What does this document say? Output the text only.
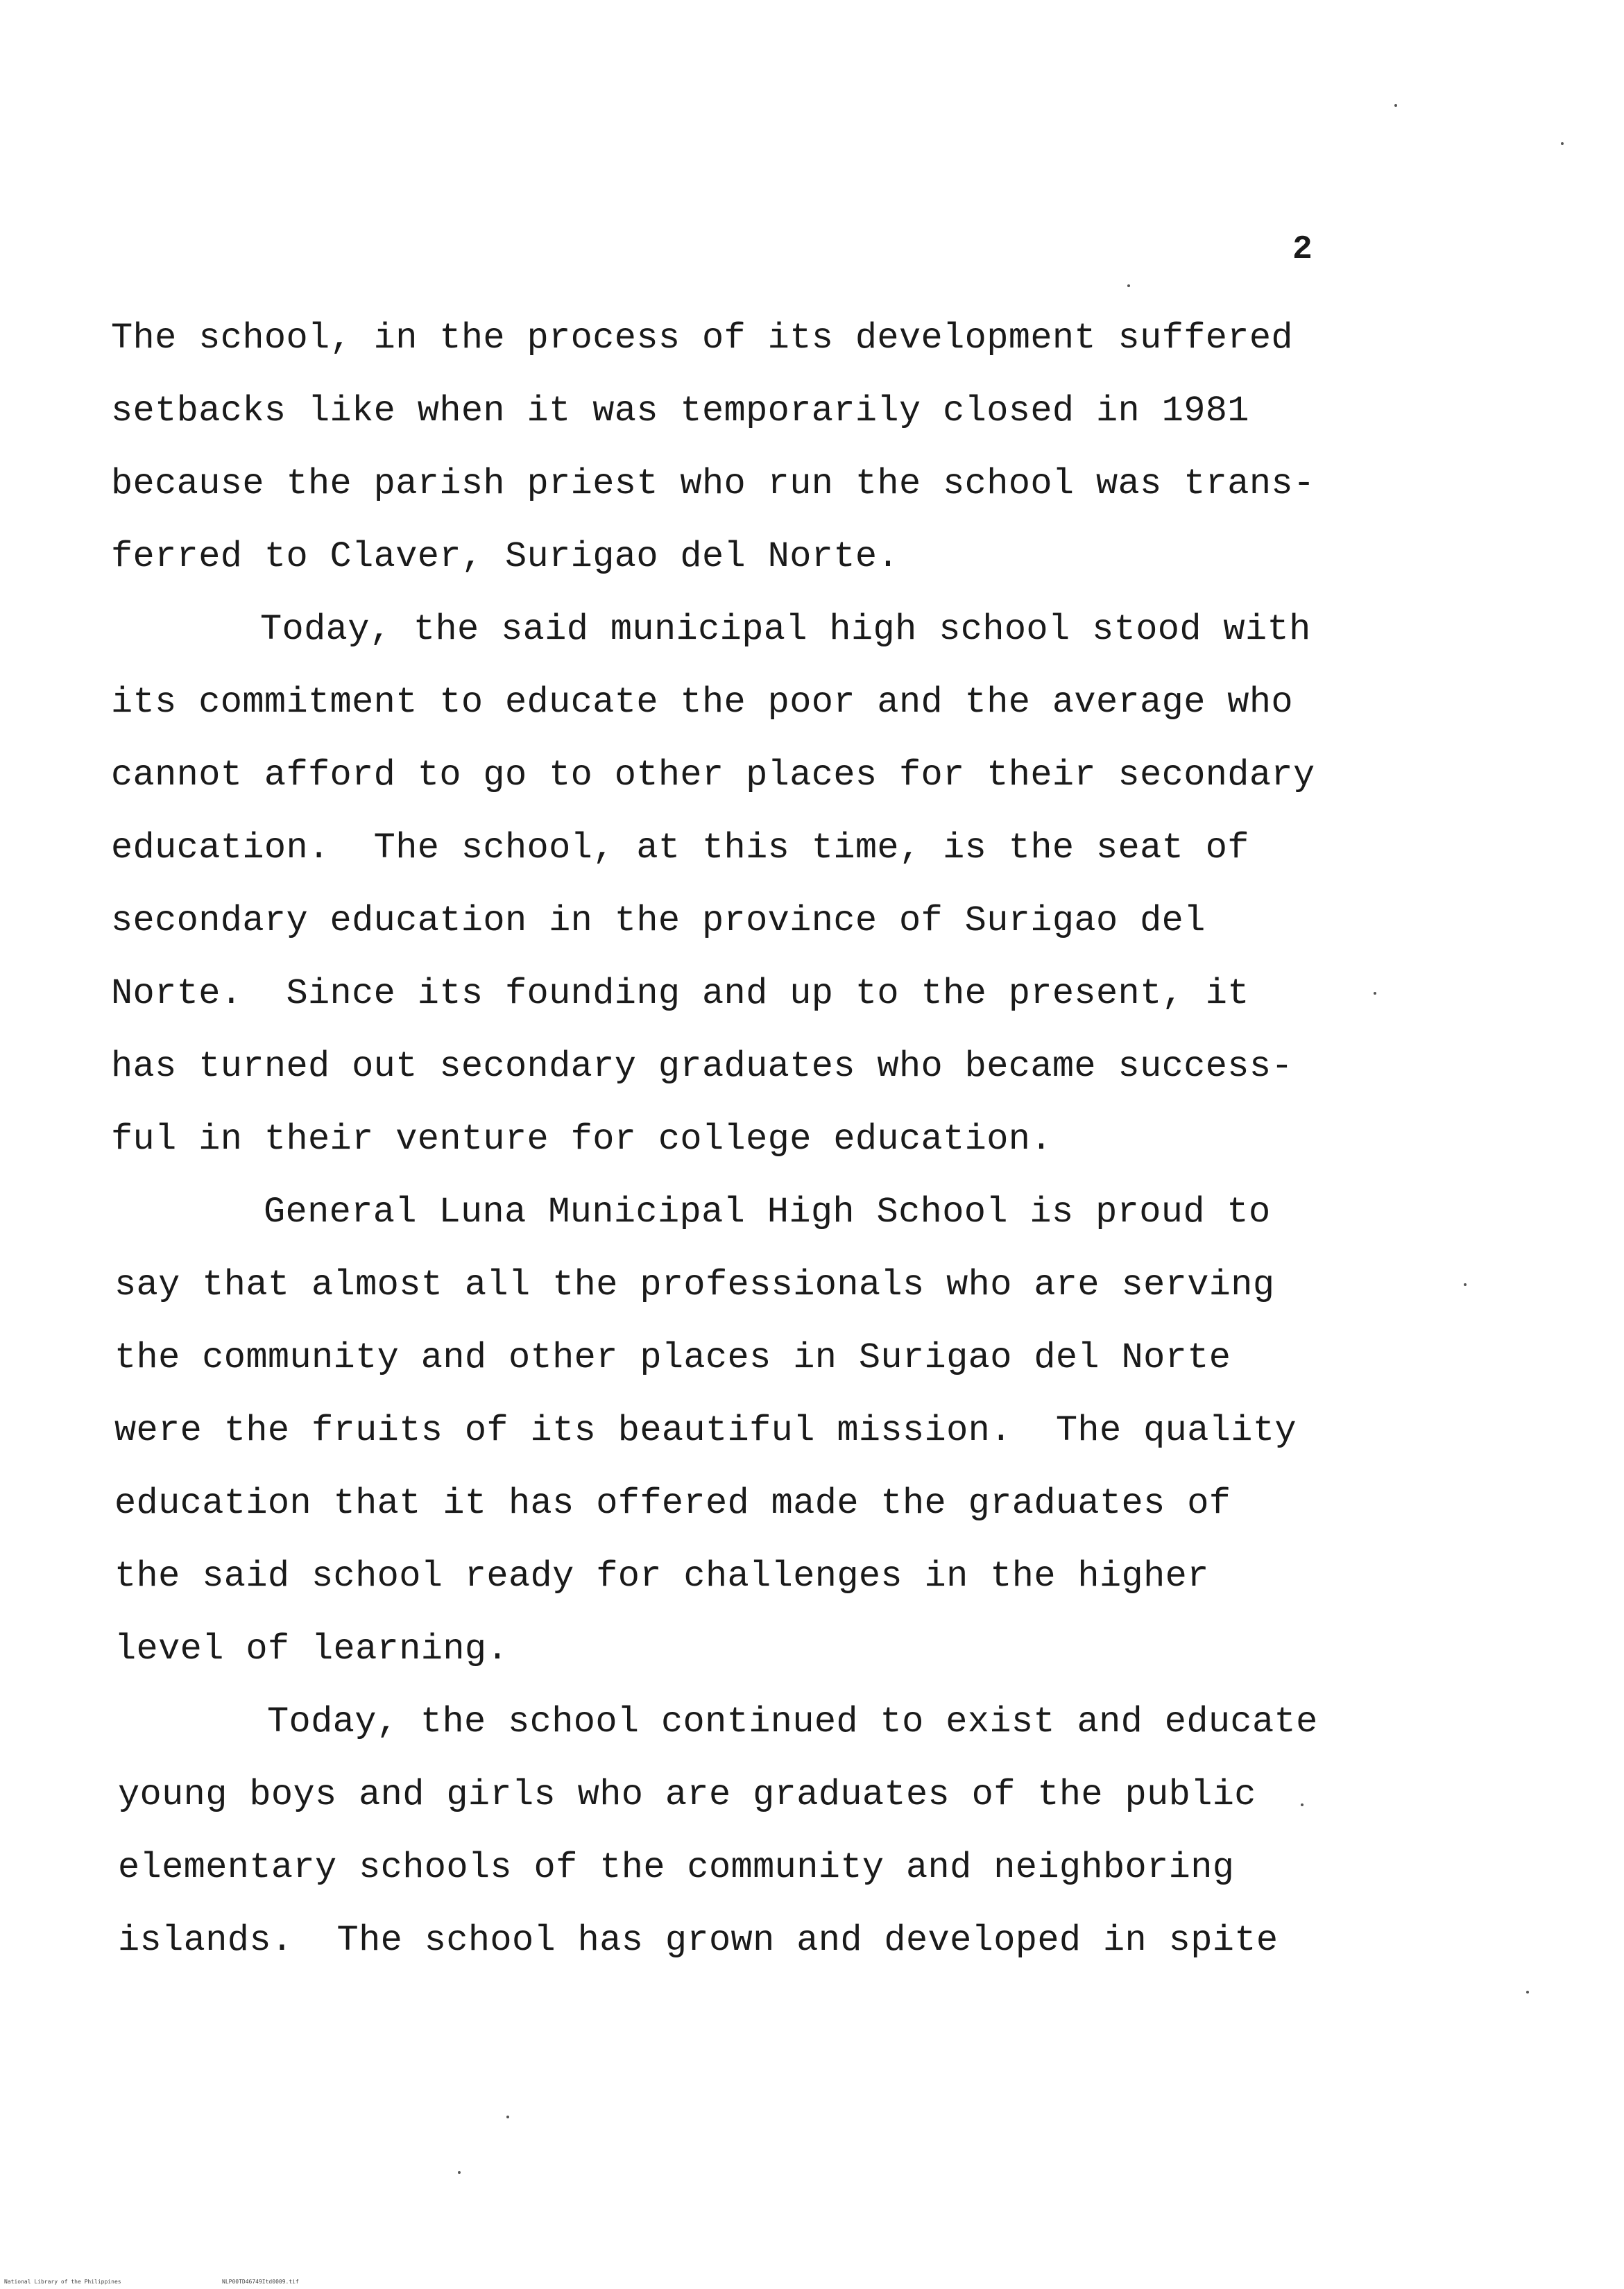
2
The school, in the process of its development suffered
setbacks like when it was temporarily closed in 1981
because the parish priest who run the school was trans-
ferred to Claver, Surigao del Norte.
Today, the said municipal high school stood with
its commitment to educate the poor and the average who
cannot afford to go to other places for their secondary
education.  The school, at this time, is the seat of
secondary education in the province of Surigao del
Norte.  Since its founding and up to the present, it
has turned out secondary graduates who became success-
ful in their venture for college education.
General Luna Municipal High School is proud to
say that almost all the professionals who are serving
the community and other places in Surigao del Norte
were the fruits of its beautiful mission.  The quality
education that it has offered made the graduates of
the said school ready for challenges in the higher
level of learning.
Today, the school continued to exist and educate
young boys and girls who are graduates of the public
elementary schools of the community and neighboring
islands.  The school has grown and developed in spite
National Library of the Philippines	NLP00TD46749Itd0009.tif
